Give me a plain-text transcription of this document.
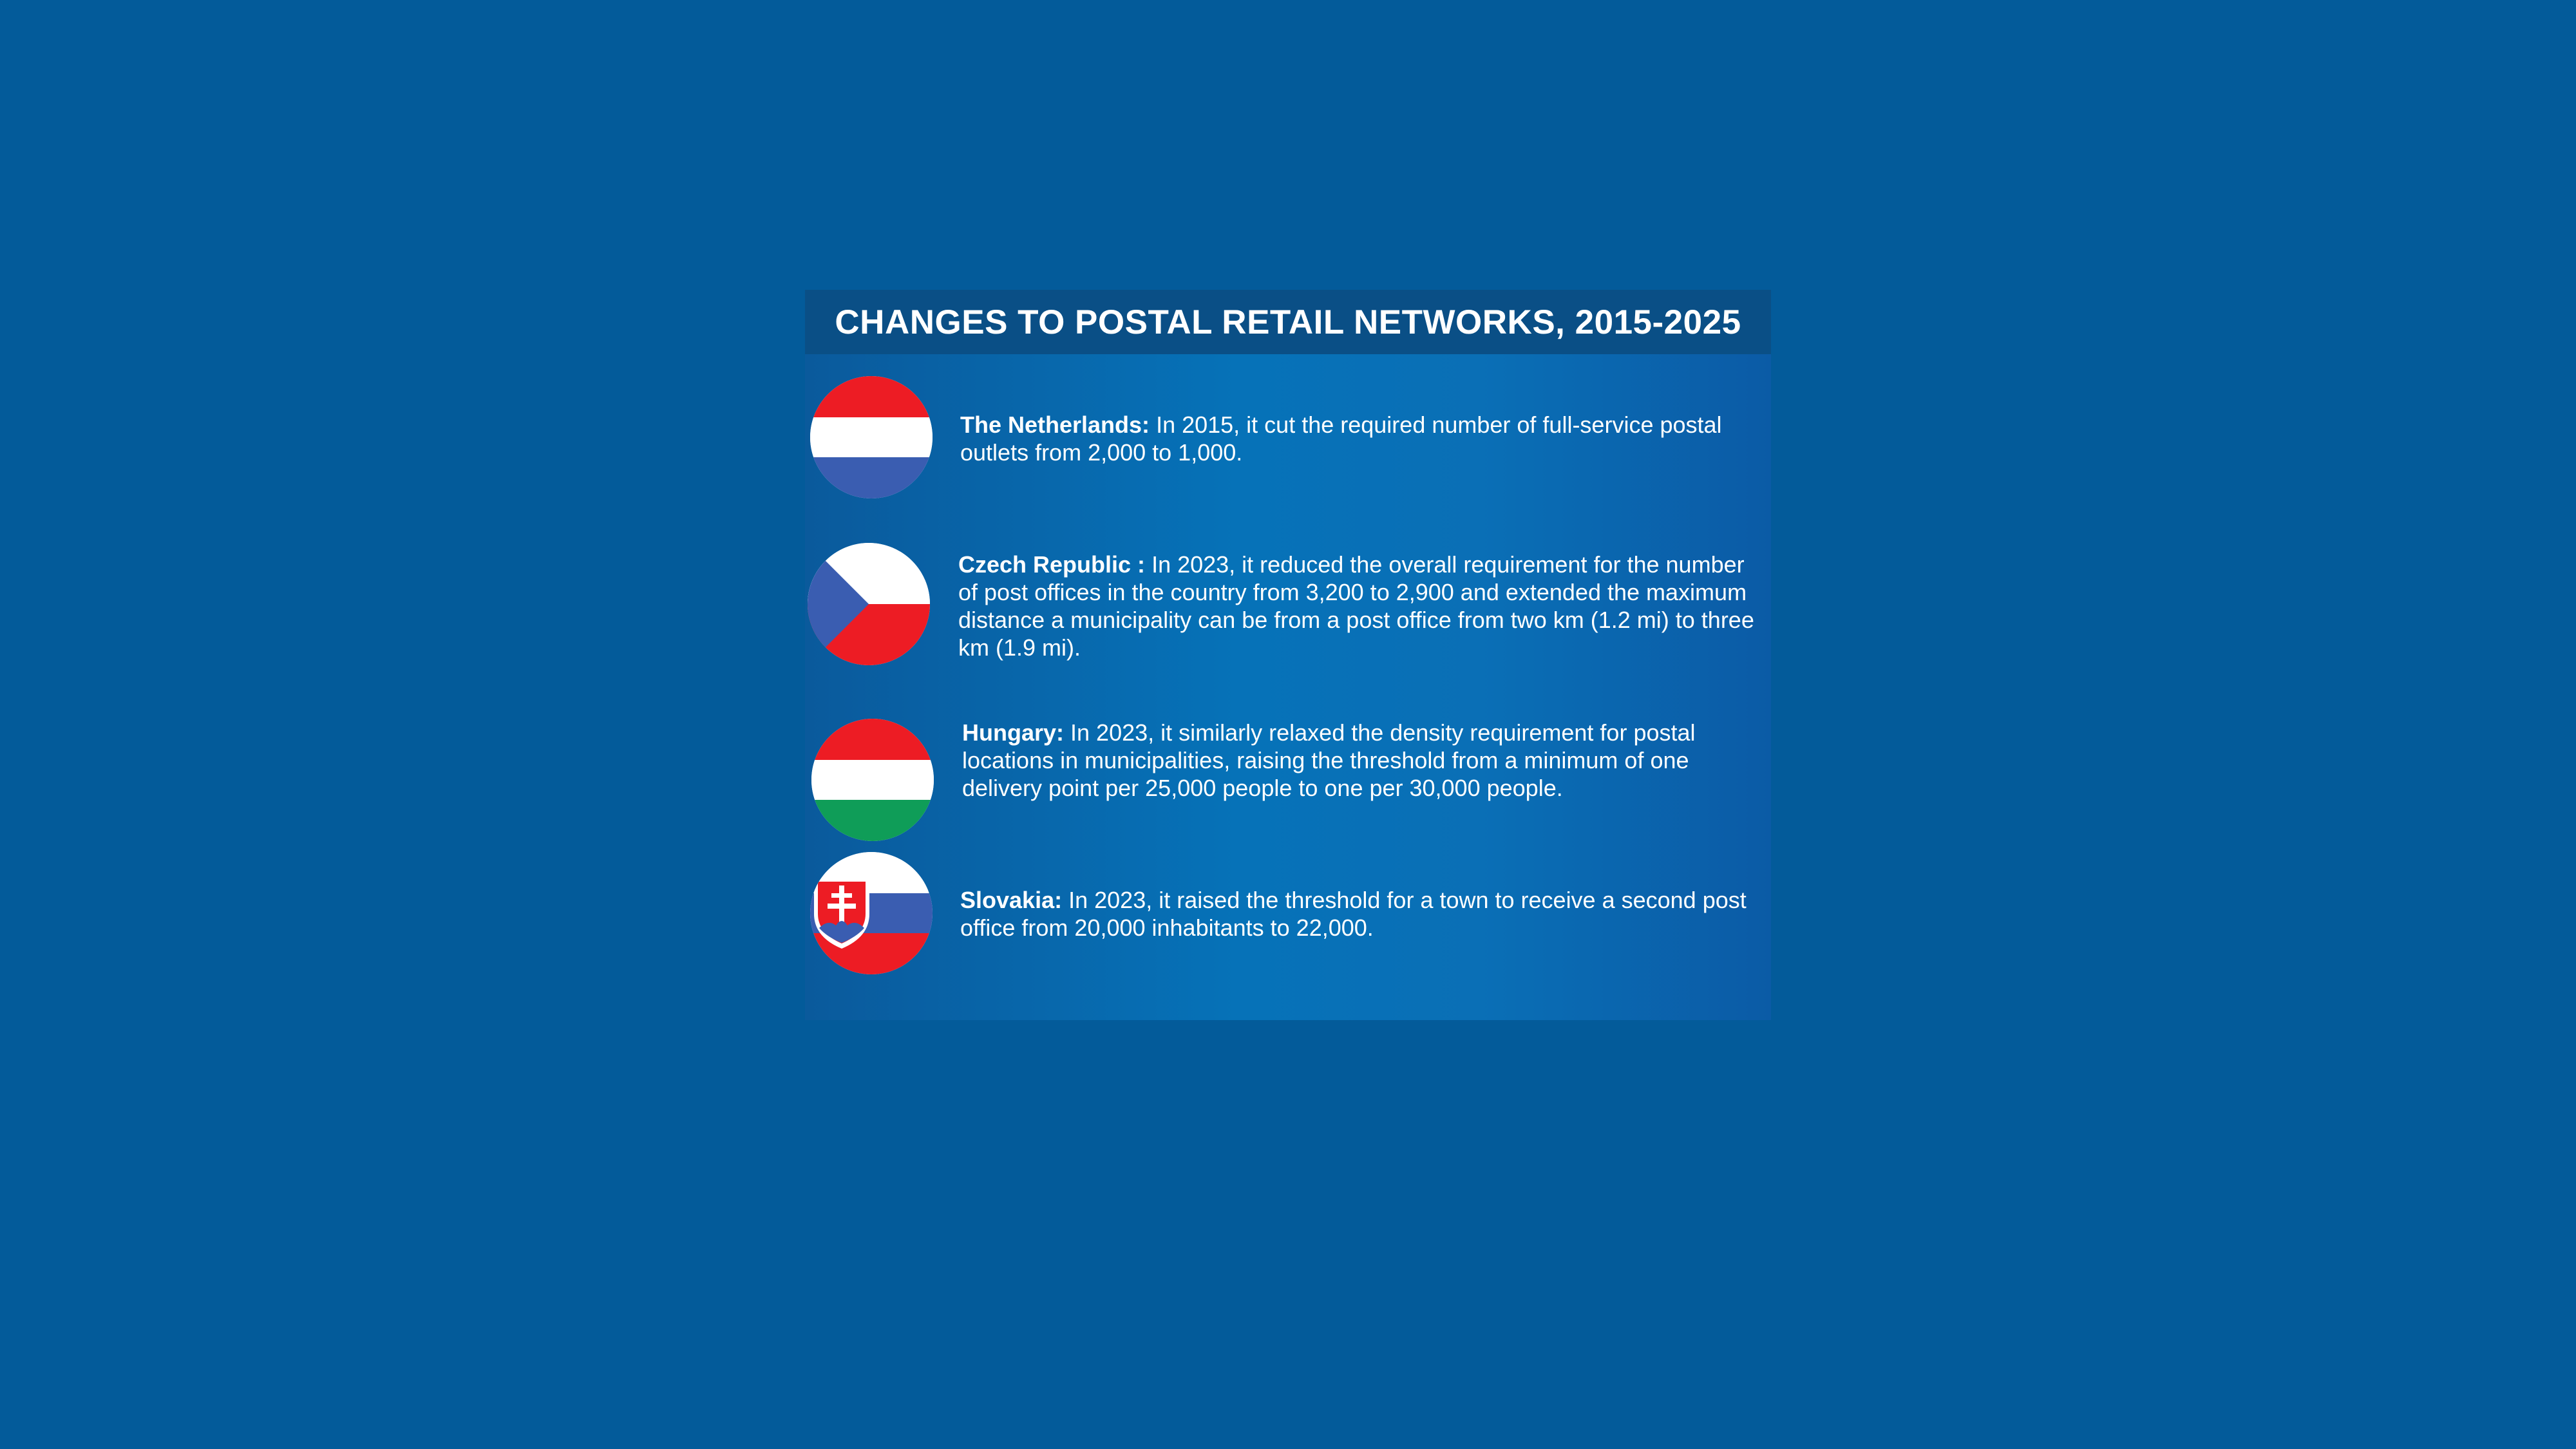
CHANGES TO POSTAL RETAIL NETWORKS, 2015-2025
The Netherlands: In 2015, it cut the required number of full-service postal outlets from 2,000 to 1,000.
Czech Republic : In 2023, it reduced the overall requirement for the number of post offices in the country from 3,200 to 2,900 and extended the maximum distance a municipality can be from a post office from two km (1.2 mi) to three km (1.9 mi).
Hungary: In 2023, it similarly relaxed the density requirement for postal locations in municipalities, raising the threshold from a minimum of one delivery point per 25,000 people to one per 30,000 people.
Slovakia: In 2023, it raised the threshold for a town to receive a second post office from 20,000 inhabitants to 22,000.
